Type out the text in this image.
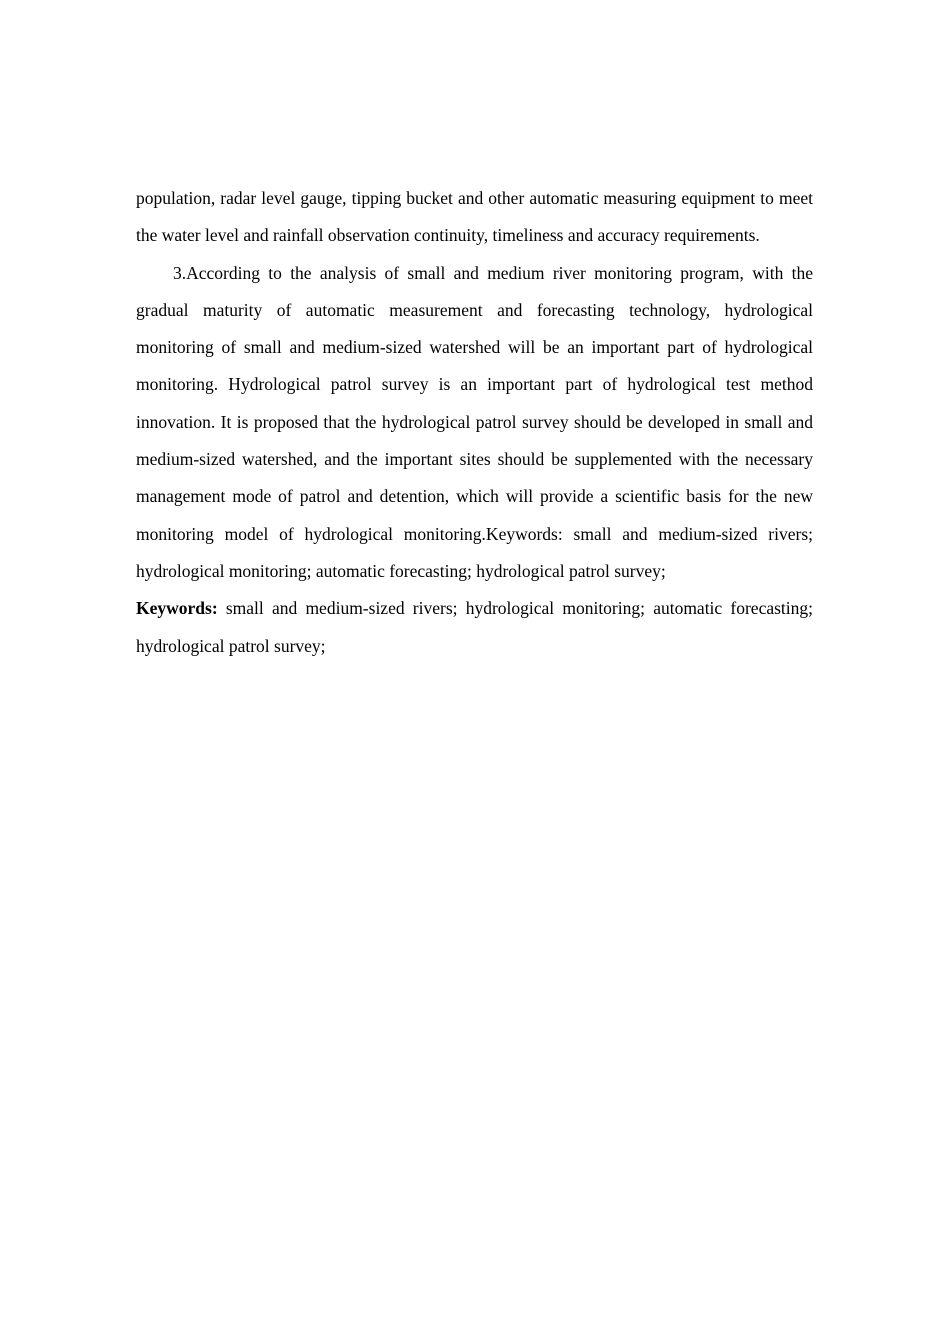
population, radar level gauge, tipping bucket and other automatic measuring equipment to meet the water level and rainfall observation continuity, timeliness and accuracy requirements.

3.According to the analysis of small and medium river monitoring program, with the gradual maturity of automatic measurement and forecasting technology, hydrological monitoring of small and medium-sized watershed will be an important part of hydrological monitoring. Hydrological patrol survey is an important part of hydrological test method innovation. It is proposed that the hydrological patrol survey should be developed in small and medium-sized watershed, and the important sites should be supplemented with the necessary management mode of patrol and detention, which will provide a scientific basis for the new monitoring model of hydrological monitoring.Keywords: small and medium-sized rivers; hydrological monitoring; automatic forecasting; hydrological patrol survey;

Keywords: small and medium-sized rivers; hydrological monitoring; automatic forecasting; hydrological patrol survey;
